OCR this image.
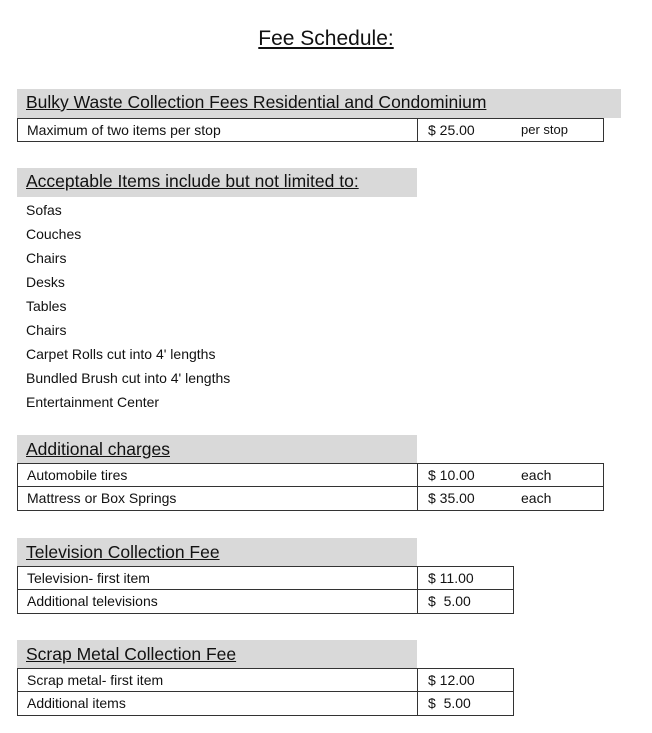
Fee Schedule:
Bulky Waste Collection Fees Residential and Condominium
Maximum of two items per stop	$ 25.00	per stop
Acceptable Items include but not limited to:
Sofas
Couches
Chairs
Desks
Tables
Chairs
Carpet Rolls cut into 4' lengths
Bundled Brush cut into 4' lengths
Entertainment Center
Additional charges
Automobile tires	$ 10.00	each
Mattress or Box Springs	$ 35.00	each
Television Collection Fee
Television- first item	$ 11.00
Additional televisions	$  5.00
Scrap Metal Collection Fee
Scrap metal- first item	$ 12.00
Additional items	$  5.00
